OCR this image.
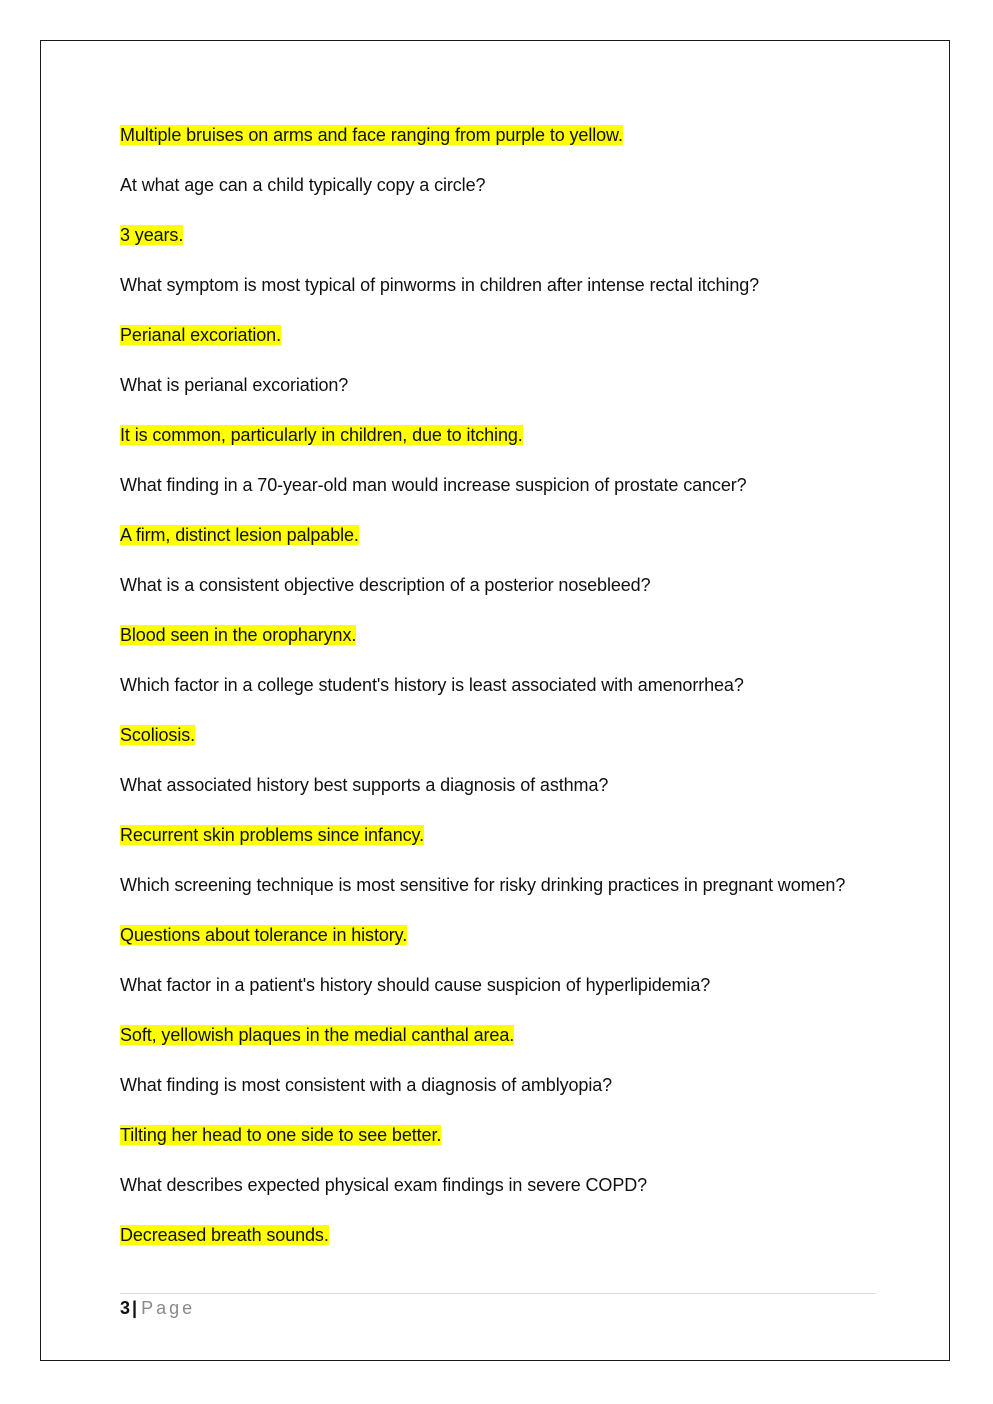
Multiple bruises on arms and face ranging from purple to yellow.

At what age can a child typically copy a circle?

3 years.

What symptom is most typical of pinworms in children after intense rectal itching?

Perianal excoriation.

What is perianal excoriation?

It is common, particularly in children, due to itching.

What finding in a 70-year-old man would increase suspicion of prostate cancer?

A firm, distinct lesion palpable.

What is a consistent objective description of a posterior nosebleed?

Blood seen in the oropharynx.

Which factor in a college student's history is least associated with amenorrhea?

Scoliosis.

What associated history best supports a diagnosis of asthma?

Recurrent skin problems since infancy.

Which screening technique is most sensitive for risky drinking practices in pregnant women?

Questions about tolerance in history.

What factor in a patient's history should cause suspicion of hyperlipidemia?

Soft, yellowish plaques in the medial canthal area.

What finding is most consistent with a diagnosis of amblyopia?

Tilting her head to one side to see better.

What describes expected physical exam findings in severe COPD?

Decreased breath sounds.

3 | Page
